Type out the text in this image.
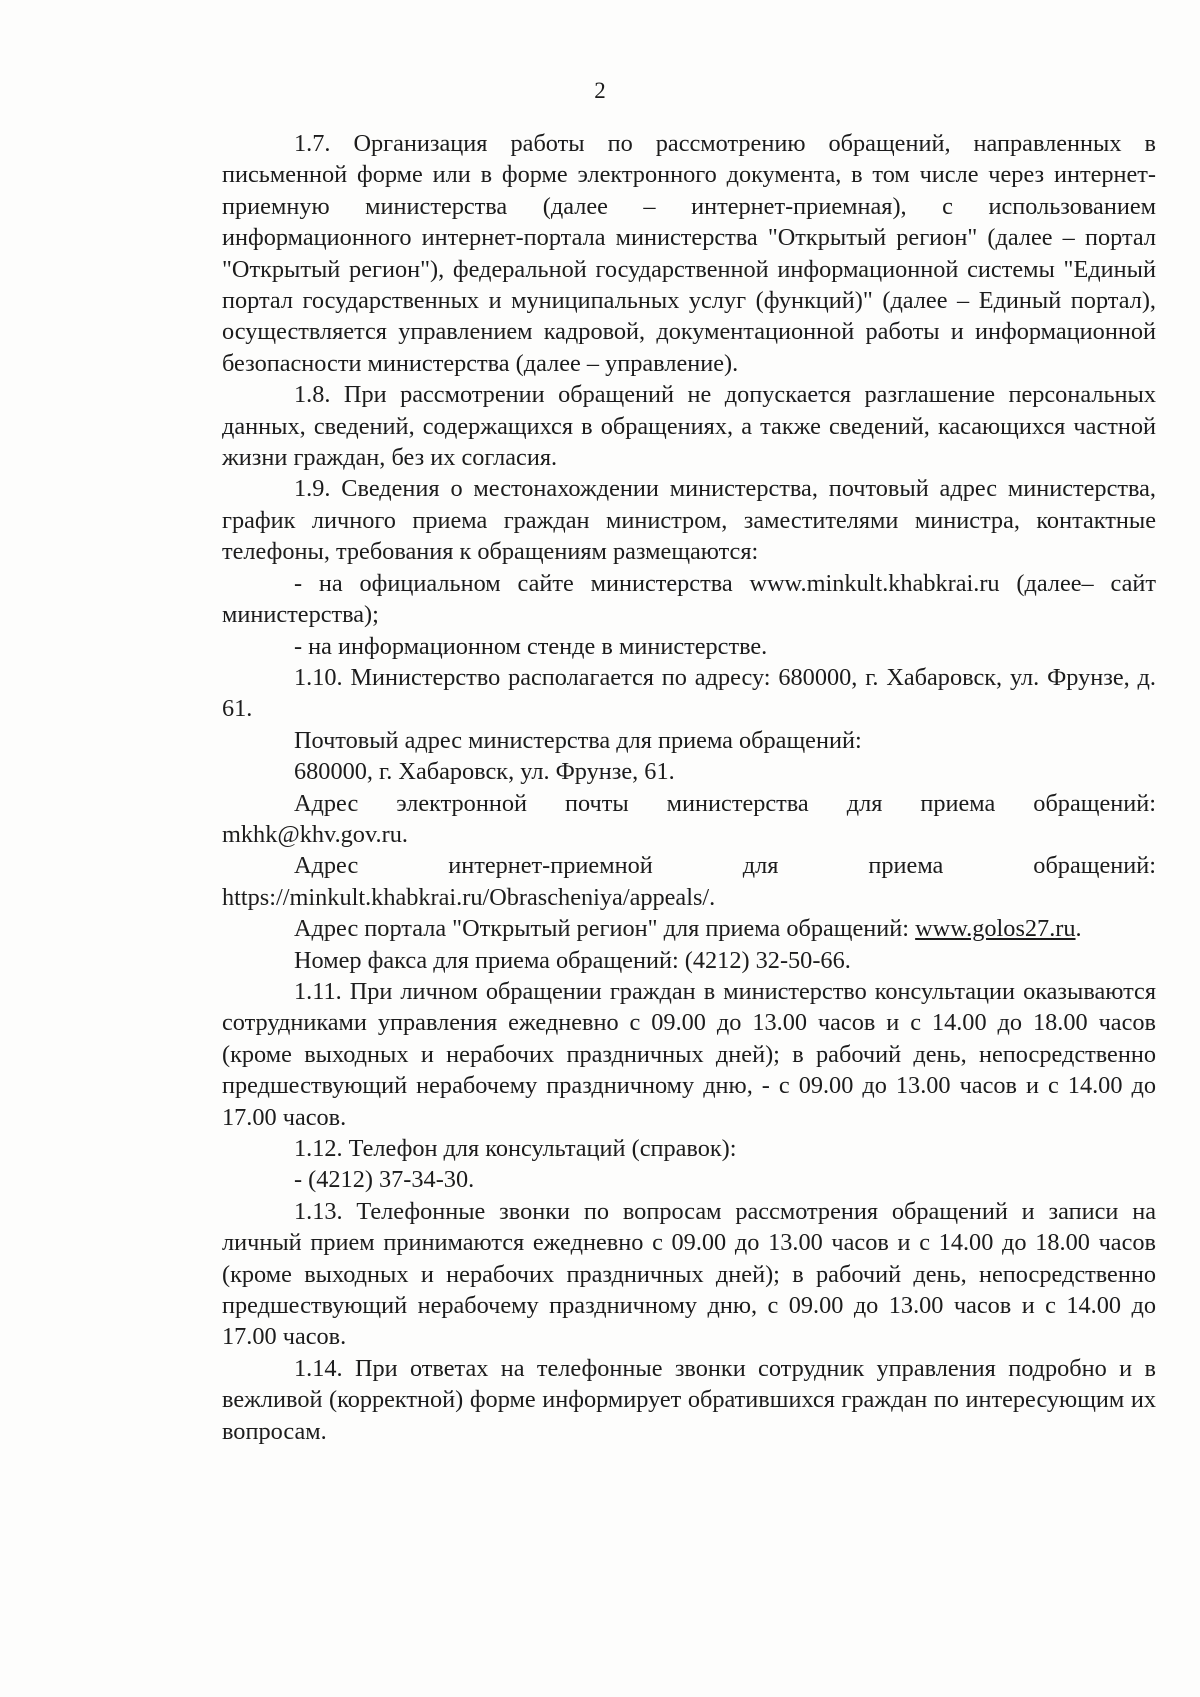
2

1.7. Организация работы по рассмотрению обращений, направленных в письменной форме или в форме электронного документа, в том числе через интернет-приемную министерства (далее – интернет-приемная), с использованием информационного интернет-портала министерства "Открытый регион" (далее – портал "Открытый регион"), федеральной государственной информационной системы "Единый портал государственных и муниципальных услуг (функций)" (далее – Единый портал), осуществляется управлением кадровой, документационной работы и информационной безопасности министерства (далее – управление).

1.8. При рассмотрении обращений не допускается разглашение персональных данных, сведений, содержащихся в обращениях, а также сведений, касающихся частной жизни граждан, без их согласия.

1.9. Сведения о местонахождении министерства, почтовый адрес министерства, график личного приема граждан министром, заместителями министра, контактные телефоны, требования к обращениям размещаются:

- на официальном сайте министерства www.minkult.khabkrai.ru (далее– сайт министерства);

- на информационном стенде в министерстве.

1.10. Министерство располагается по адресу: 680000, г. Хабаровск, ул. Фрунзе, д. 61.

Почтовый адрес министерства для приема обращений:

680000, г. Хабаровск, ул. Фрунзе, 61.

Адрес электронной почты министерства для приема обращений: mkhk@khv.gov.ru.

Адрес интернет-приемной для приема обращений: https://minkult.khabkrai.ru/Obrascheniya/appeals/.

Адрес портала "Открытый регион" для приема обращений: www.golos27.ru.

Номер факса для приема обращений: (4212) 32-50-66.

1.11. При личном обращении граждан в министерство консультации оказываются сотрудниками управления ежедневно с 09.00 до 13.00 часов и с 14.00 до 18.00 часов (кроме выходных и нерабочих праздничных дней); в рабочий день, непосредственно предшествующий нерабочему праздничному дню, - с 09.00 до 13.00 часов и с 14.00 до 17.00 часов.

1.12. Телефон для консультаций (справок):

- (4212) 37-34-30.

1.13. Телефонные звонки по вопросам рассмотрения обращений и записи на личный прием принимаются ежедневно с 09.00 до 13.00 часов и с 14.00 до 18.00 часов (кроме выходных и нерабочих праздничных дней); в рабочий день, непосредственно предшествующий нерабочему праздничному дню, с 09.00 до 13.00 часов и с 14.00 до 17.00 часов.

1.14. При ответах на телефонные звонки сотрудник управления подробно и в вежливой (корректной) форме информирует обратившихся граждан по интересующим их вопросам.
